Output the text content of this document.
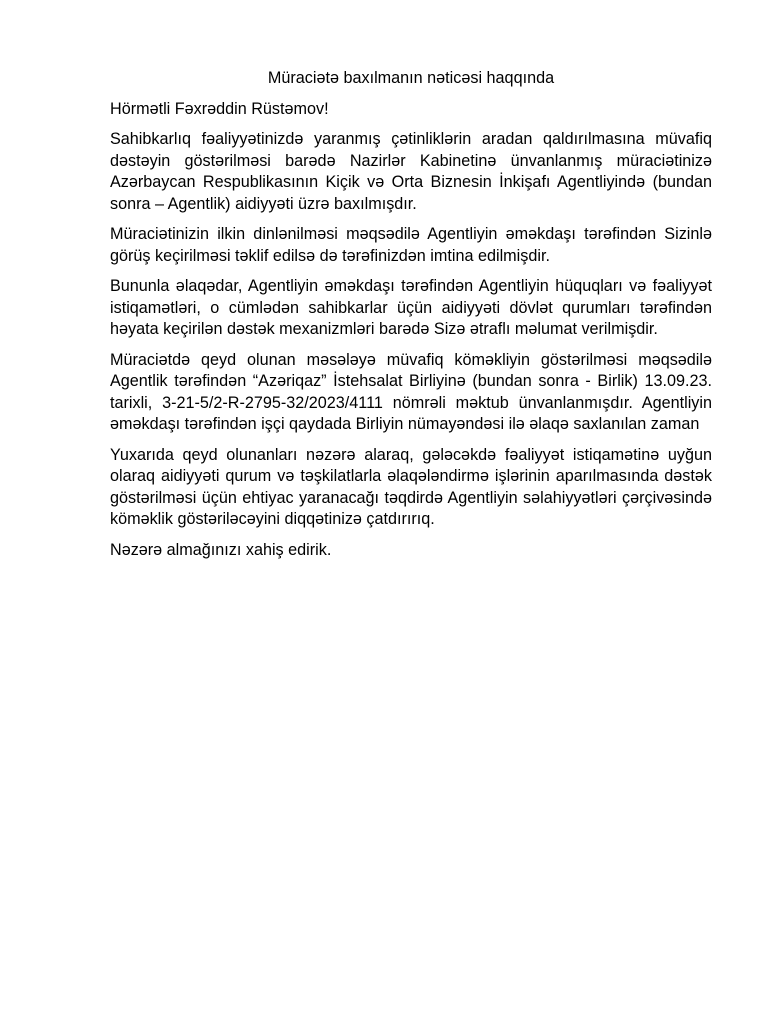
Müraciətə baxılmanın nəticəsi haqqında
Hörmətli Fəxrəddin Rüstəmov!
Sahibkarlıq fəaliyyətinizdə yaranmış çətinliklərin aradan qaldırılmasına müvafiq dəstəyin göstərilməsi barədə Nazirlər Kabinetinə ünvanlanmış müraciətinizə Azərbaycan Respublikasının Kiçik və Orta Biznesin İnkişafı Agentliyində (bundan sonra – Agentlik) aidiyyəti üzrə baxılmışdır.
Müraciətinizin ilkin dinlənilməsi məqsədilə Agentliyin əməkdaşı tərəfindən Sizinlə görüş keçirilməsi təklif edilsə də tərəfinizdən imtina edilmişdir.
Bununla əlaqədar, Agentliyin əməkdaşı tərəfindən Agentliyin hüquqları və fəaliyyət istiqamətləri, o cümlədən sahibkarlar üçün aidiyyəti dövlət qurumları tərəfindən həyata keçirilən dəstək mexanizmləri barədə Sizə ətraflı məlumat verilmişdir.
Müraciətdə qeyd olunan məsələyə müvafiq köməkliyin göstərilməsi məqsədilə Agentlik tərəfindən “Azəriqaz” İstehsalat Birliyinə (bundan sonra - Birlik) 13.09.23. tarixli, 3-21-5/2-R-2795-32/2023/4111 nömrəli məktub ünvanlanmışdır. Agentliyin əməkdaşı tərəfindən işçi qaydada Birliyin nümayəndəsi ilə əlaqə saxlanılan zaman
Yuxarıda qeyd olunanları nəzərə alaraq, gələcəkdə fəaliyyət istiqamətinə uyğun olaraq aidiyyəti qurum və təşkilatlarla əlaqələndirmə işlərinin aparılmasında dəstək göstərilməsi üçün ehtiyac yaranacağı təqdirdə Agentliyin səlahiyyətləri çərçivəsində köməklik göstəriləcəyini diqqətinizə çatdırırıq.
Nəzərə almağınızı xahiş edirik.
